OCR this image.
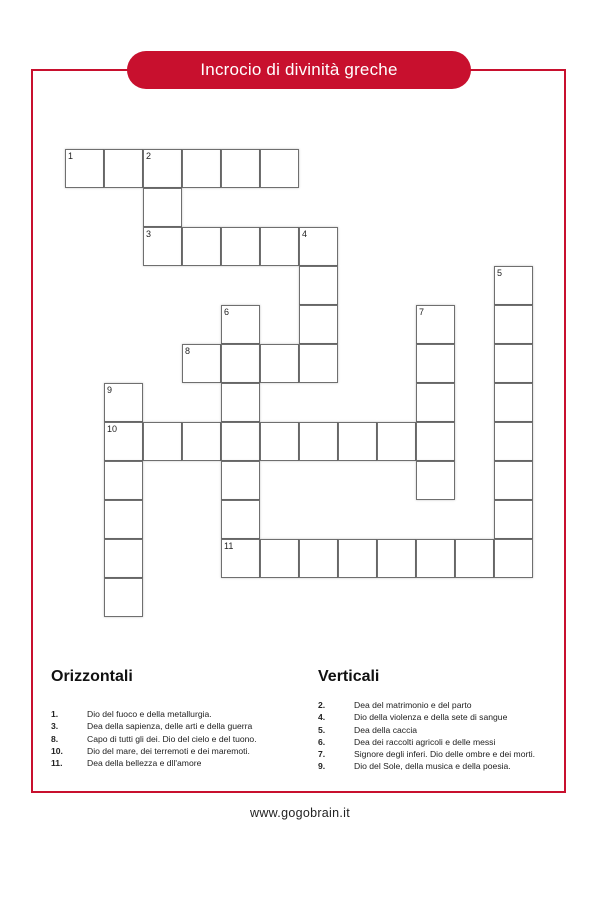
Incrocio di divinità greche
1	2
3	4
5
6	7
8
9
10
11
Orizzontali
1.	Dio del fuoco e della metallurgia.
3.	Dea della sapienza, delle arti e della guerra
8.	Capo di tutti gli dei. Dio del cielo e del tuono.
10.	Dio del mare, dei terremoti e dei maremoti.
11.	Dea della bellezza e dll'amore
Verticali
2.	Dea del matrimonio e del parto
4.	Dio della violenza e della sete di sangue
5.	Dea della caccia
6.	Dea dei raccolti agricoli e delle messi
7.	Signore degli inferi. Dio delle ombre e dei morti.
9.	Dio del Sole, della musica e della poesia.
www.gogobrain.it
